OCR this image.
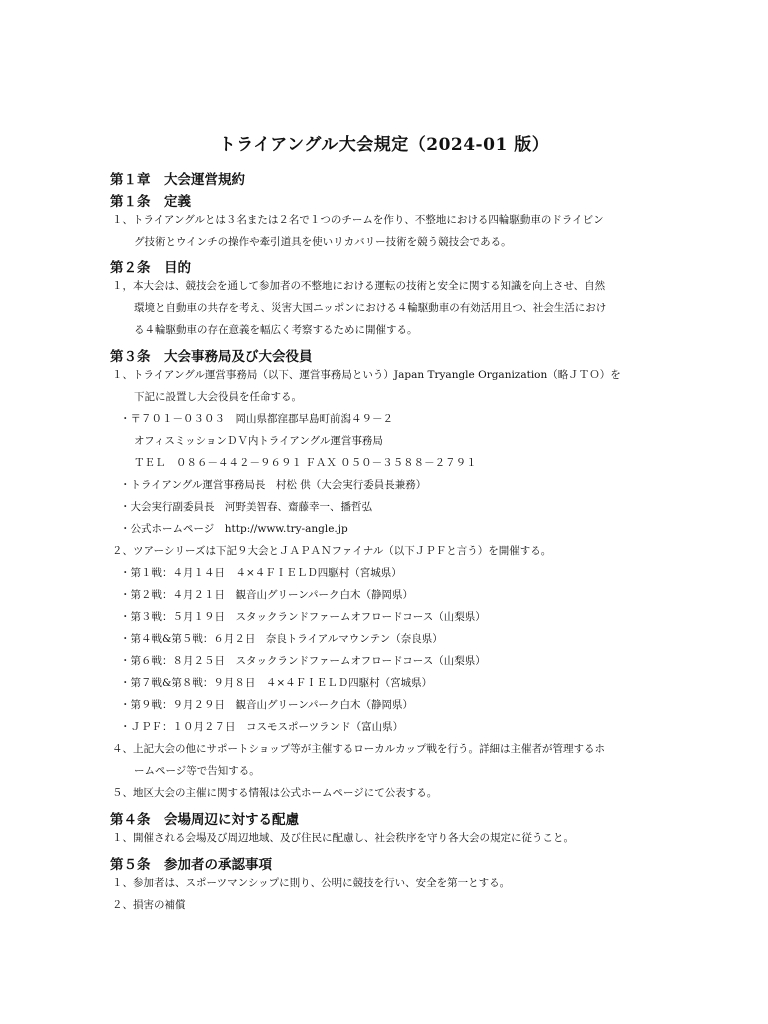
トライアングル大会規定（2024-01 版）
第１章　大会運営規約
第１条　定義
１、トライアングルとは３名または２名で１つのチームを作り、不整地における四輪駆動車のドライビン
グ技術とウインチの操作や牽引道具を使いリカバリー技術を競う競技会である。
第２条　目的
１，本大会は、競技会を通して参加者の不整地における運転の技術と安全に関する知識を向上させ、自然
環境と自動車の共存を考え、災害大国ニッポンにおける４輪駆動車の有効活用且つ、社会生活におけ
る４輪駆動車の存在意義を幅広く考察するために開催する。
第３条　大会事務局及び大会役員
１、トライアングル運営事務局（以下、運営事務局という）Japan Tryangle Organization（略ＪＴＯ）を
下記に設置し大会役員を任命する。
・〒７０１－０３０３　岡山県都窪郡早島町前潟４９－２
オフィスミッションＤＶ内トライアングル運営事務局
ＴＥＬ　０８６－４４２－９６９１ ＦＡＸ ０５０－３５８８－２７９１
・トライアングル運営事務局長　村松 供（大会実行委員長兼務）
・大会実行副委員長　河野美智春、齋藤幸一、播哲弘
・公式ホームページ　http://www.try-angle.jp
２、ツアーシリーズは下記９大会とＪＡＰＡＮファイナル（以下ＪＰＦと言う）を開催する。
・第１戦：４月１４日　４×４ＦＩＥＬＤ四駆村（宮城県）
・第２戦：４月２１日　観音山グリーンパーク白木（静岡県）
・第３戦：５月１９日　スタックランドファームオフロードコース（山梨県）
・第４戦&第５戦：６月２日　奈良トライアルマウンテン（奈良県）
・第６戦：８月２５日　スタックランドファームオフロードコース（山梨県）
・第７戦&第８戦：９月８日　４×４ＦＩＥＬＤ四駆村（宮城県）
・第９戦：９月２９日　観音山グリーンパーク白木（静岡県）
・ＪＰＦ：１０月２７日　コスモスポーツランド（富山県）
４、上記大会の他にサポートショップ等が主催するローカルカップ戦を行う。詳細は主催者が管理するホ
ームページ等で告知する。
５、地区大会の主催に関する情報は公式ホームページにて公表する。
第４条　会場周辺に対する配慮
１、開催される会場及び周辺地域、及び住民に配慮し、社会秩序を守り各大会の規定に従うこと。
第５条　参加者の承認事項
１、参加者は、スポーツマンシップに則り、公明に競技を行い、安全を第一とする。
２、損害の補償
